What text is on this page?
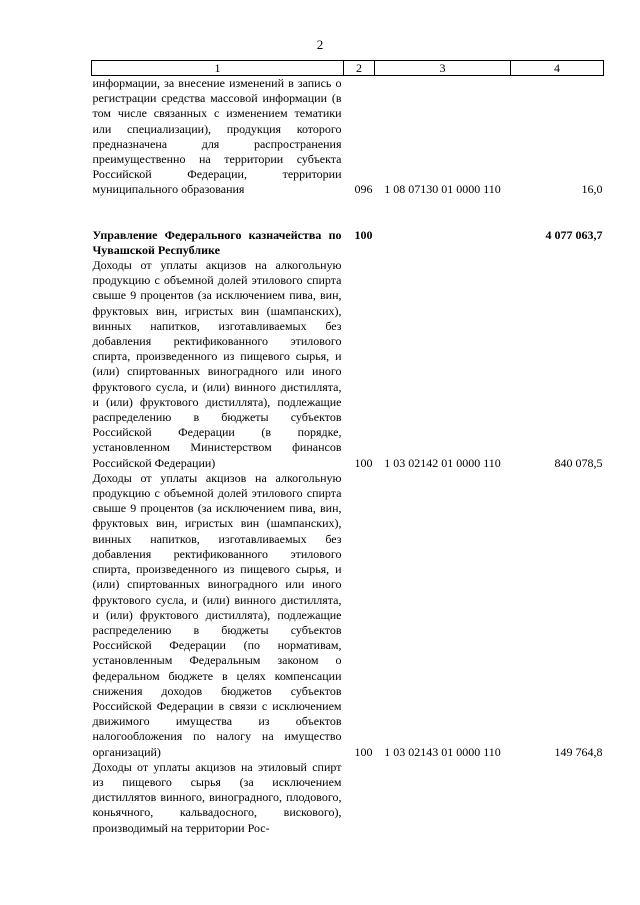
2
1	2	3	4
информации, за внесение изменений в запись о регистрации средства массовой информации (в том числе связанных с изменением тематики или специализации), продукция которого предназначена для распространения преимущественно на территории субъекта Российской Федерации, территории муниципального образования	096	1 08 07130 01 0000 110	16,0

Управление Федерального казначейства по Чувашской Республике	100		4 077 063,7
Доходы от уплаты акцизов на алкогольную продукцию с объемной долей этилового спирта свыше 9 процентов (за исключением пива, вин, фруктовых вин, игристых вин (шампанских), винных напитков, изготавливаемых без добавления ректификованного этилового спирта, произведенного из пищевого сырья, и (или) спиртованных виноградного или иного фруктового сусла, и (или) винного дистиллята, и (или) фруктового дистиллята), подлежащие распределению в бюджеты субъектов Российской Федерации (в порядке, установленном Министерством финансов Российской Федерации)	100	1 03 02142 01 0000 110	840 078,5
Доходы от уплаты акцизов на алкогольную продукцию с объемной долей этилового спирта свыше 9 процентов (за исключением пива, вин, фруктовых вин, игристых вин (шампанских), винных напитков, изготавливаемых без добавления ректификованного этилового спирта, произведенного из пищевого сырья, и (или) спиртованных виноградного или иного фруктового сусла, и (или) винного дистиллята, и (или) фруктового дистиллята), подлежащие распределению в бюджеты субъектов Российской Федерации (по нормативам, установленным Федеральным законом о федеральном бюджете в целях компенсации снижения доходов бюджетов субъектов Российской Федерации в связи с исключением движимого имущества из объектов налогообложения по налогу на имущество организаций)	100	1 03 02143 01 0000 110	149 764,8
Доходы от уплаты акцизов на этиловый спирт из пищевого сырья (за исключением дистиллятов винного, виноградного, плодового, коньячного, кальвадосного, вискового), производимый на территории Рос-			
